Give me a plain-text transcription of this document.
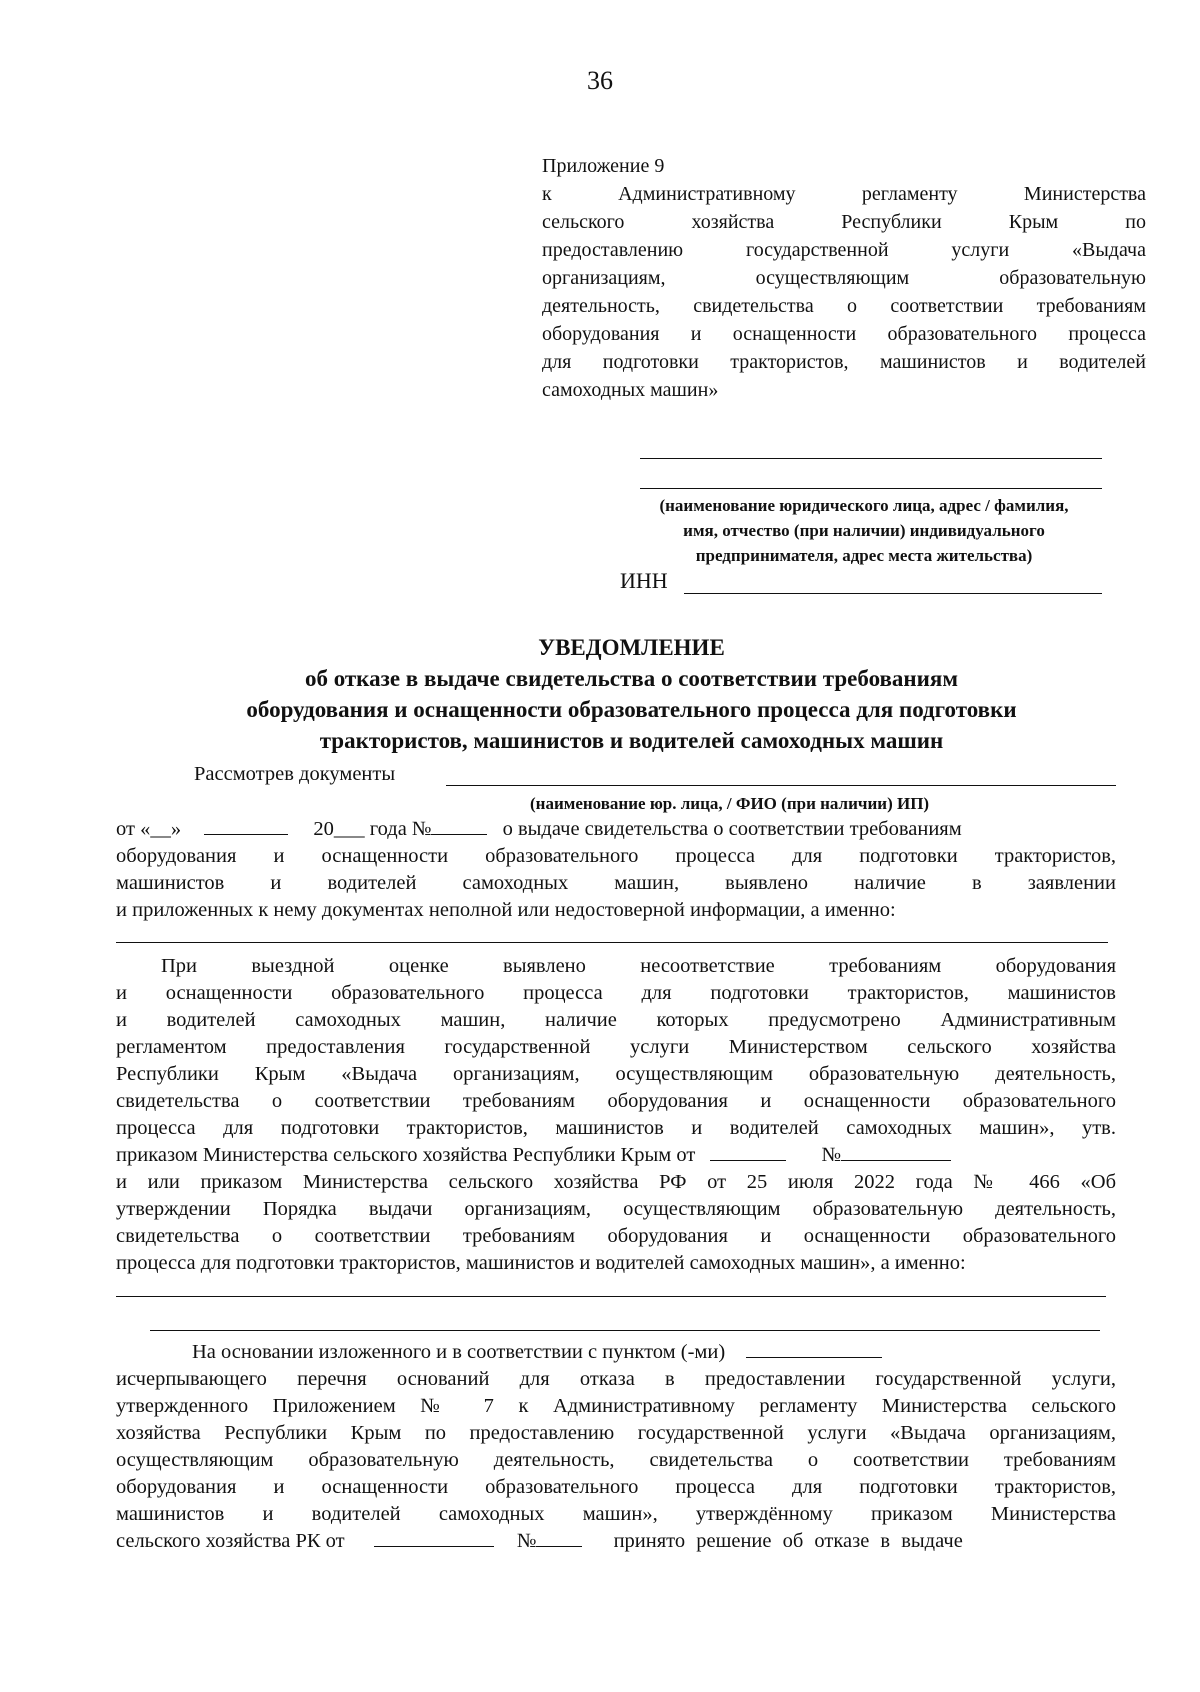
36
Приложение 9
к Административному регламенту Министерства
сельского хозяйства Республики Крым по
предоставлению государственной услуги «Выдача
организациям, осуществляющим образовательную
деятельность, свидетельства о соответствии требованиям
оборудования и оснащенности образовательного процесса
для подготовки трактористов, машинистов и водителей
самоходных машин»
(наименование юридического лица, адрес / фамилия,
имя, отчество (при наличии) индивидуального
предпринимателя, адрес места жительства)
ИНН
УВЕДОМЛЕНИЕ
об отказе в выдаче свидетельства о соответствии требованиям
оборудования и оснащенности образовательного процесса для подготовки
трактористов, машинистов и водителей самоходных машин
Рассмотрев документы
(наименование юр. лица, / ФИО (при наличии) ИП)
от «__»	20___ года №	о выдаче свидетельства о соответствии требованиям
оборудования и оснащенности образовательного процесса для подготовки трактористов,
машинистов и водителей самоходных машин, выявлено наличие в заявлении
и приложенных к нему документах неполной или недостоверной информации, а именно:
При выездной оценке выявлено несоответствие требованиям оборудования
и оснащенности образовательного процесса для подготовки трактористов, машинистов
и водителей самоходных машин, наличие которых предусмотрено Административным
регламентом предоставления государственной услуги Министерством сельского хозяйства
Республики Крым «Выдача организациям, осуществляющим образовательную деятельность,
свидетельства о соответствии требованиям оборудования и оснащенности образовательного
процесса для подготовки трактористов, машинистов и водителей самоходных машин», утв.
приказом Министерства сельского хозяйства Республики Крым от	№
и или приказом Министерства сельского хозяйства РФ от 25 июля 2022 года № 466 «Об
утверждении Порядка выдачи организациям, осуществляющим образовательную деятельность,
свидетельства о соответствии требованиям оборудования и оснащенности образовательного
процесса для подготовки трактористов, машинистов и водителей самоходных машин», а именно:
На основании изложенного и в соответствии с пунктом (-ми)
исчерпывающего перечня оснований для отказа в предоставлении государственной услуги,
утвержденного Приложением № 7 к Административному регламенту Министерства сельского
хозяйства Республики Крым по предоставлению государственной услуги «Выдача организациям,
осуществляющим образовательную деятельность, свидетельства о соответствии требованиям
оборудования и оснащенности образовательного процесса для подготовки трактористов,
машинистов и водителей самоходных машин», утверждённому приказом Министерства
сельского хозяйства РК от	№	принято решение об отказе в выдаче
